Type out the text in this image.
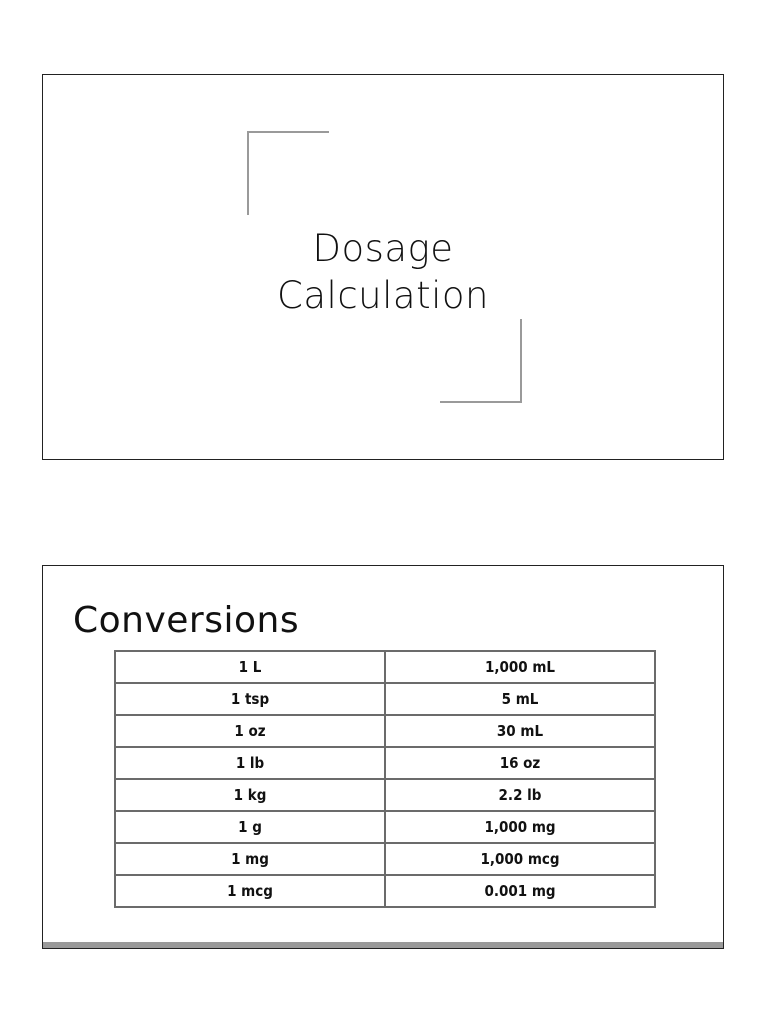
Dosage
Calculation
Conversions
1 L	1,000 mL
1 tsp	5 mL
1 oz	30 mL
1 lb	16 oz
1 kg	2.2 lb
1 g	1,000 mg
1 mg	1,000 mcg
1 mcg	0.001 mg
